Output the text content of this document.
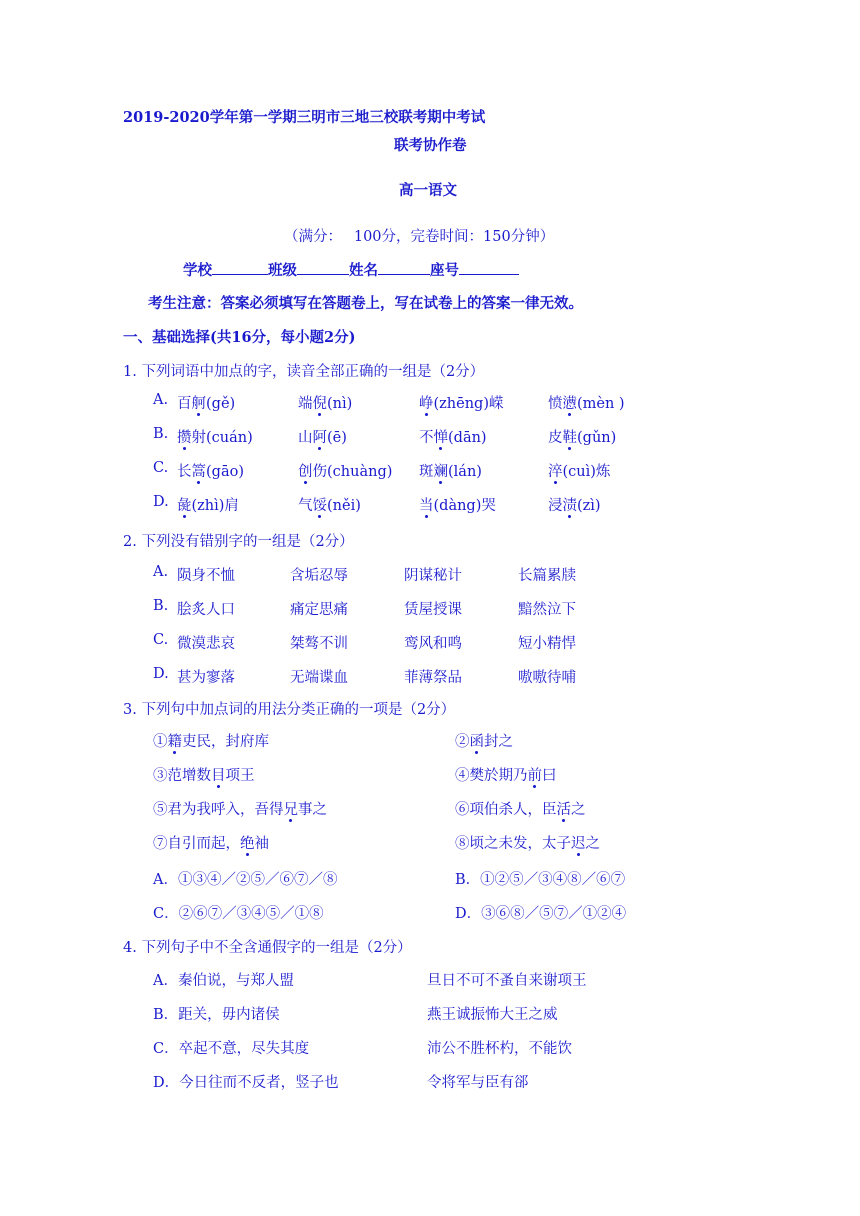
2019-2020学年第一学期三明市三地三校联考期中考试
联考协作卷
高一语文
（满分：　 100分，完卷时间：150分钟）
学校	班级	姓名	座号
考生注意：答案必须填写在答题卷上，写在试卷上的答案一律无效。
一、基础选择(共16分，每小题2分)
1. 下列词语中加点的字，读音全部正确的一组是（2分）
A. 百舸(gě)	端倪(nì)	峥(zhēng)嵘	愤懑(mèn )
B. 攒射(cuán)	山阿(ē)	不惮(dān)	皮鞋(gǔn)
C. 长篙(gāo)	创伤(chuàng) 斑斓(lán)	淬(cuì)炼
D. 彘(zhì)肩	气馁(něi)	当(dàng)哭	浸渍(zì)
2. 下列没有错别字的一组是（2分）
A. 陨身不恤	含垢忍辱	阴谋秘计	长篇累牍
B. 脍炙人口	痛定思痛	赁屋授课	黯然泣下
C. 微漠悲哀	桀骜不训	鸾风和鸣	短小精悍
D. 甚为寥落	无端谍血	菲薄祭品	嗷嗷待哺
3. 下列句中加点词的用法分类正确的一项是（2分）
①籍吏民，封府库	②函封之
③范增数目项王	④樊於期乃前曰
⑤君为我呼入，吾得兄事之	⑥项伯杀人，臣活之
⑦自引而起，绝袖	⑧顷之未发，太子迟之
A．①③④／②⑤／⑥⑦／⑧	B．①②⑤／③④⑧／⑥⑦
C．②⑥⑦／③④⑤／①⑧	D．③⑥⑧／⑤⑦／①②④
4. 下列句子中不全含通假字的一组是（2分）
A．秦伯说，与郑人盟	旦日不可不蚤自来谢项王
B．距关，毋内诸侯	燕王诚振怖大王之威
C．卒起不意，尽失其度	沛公不胜杯杓，不能饮
D．今日往而不反者，竖子也	令将军与臣有郤
